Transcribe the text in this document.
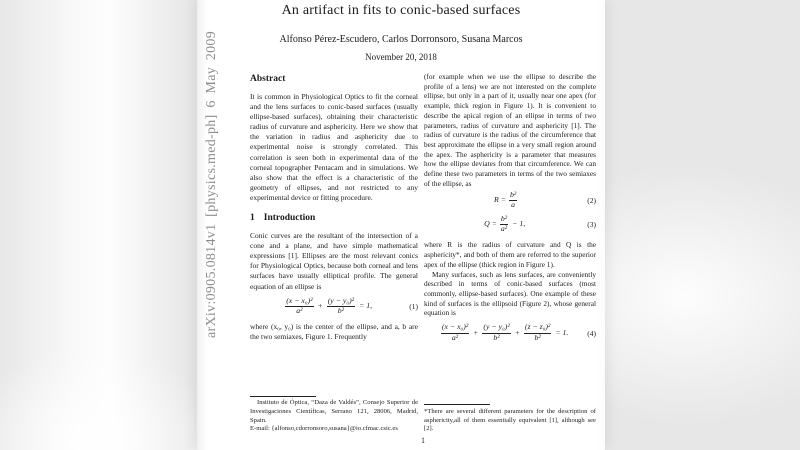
arXiv:0905.0814v1 [physics.med-ph] 6 May 2009
An artifact in fits to conic-based surfaces
Alfonso Pérez-Escudero, Carlos Dorronsoro, Susana Marcos
November 20, 2018
Abstract

It is common in Physiological Optics to fit the corneal and the lens surfaces to conic-based surfaces (usually ellipse-based surfaces), obtaining their characteristic radius of curvature and asphericity. Here we show that the variation in radius and asphericity due to experimental noise is strongly correlated. This correlation is seen both in experimental data of the corneal topographer Pentacam and in simulations. We also show that the effect is a characteristic of the geometry of ellipses, and not restricted to any experimental device or fitting procedure.

1 Introduction

Conic curves are the resultant of the intersection of a cone and a plane, and have simple mathematical expressions [1]. Ellipses are the most relevant conics for Physiological Optics, because both corneal and lens surfaces have usually elliptical profile. The general equation of an ellipse is

$\frac{\text{(x − x₀)²}}{\text{a²}} + \frac{\text{(y − y₀)²}}{\text{b²}} = 1$,	(1)

where (x₀, y₀) is the center of the ellipse, and a, b are the two semiaxes, Figure 1. Frequently

Instituto de Óptica, “Daza de Valdés”, Consejo Superior de Investigaciones Científicas, Serrano 121, 28006, Madrid, Spain.

E-mail: {alfonso,cdorronsoro,susana}@io.cfmac.csic.es

(for example when we use the ellipse to describe the profile of a lens) we are not interested on the complete ellipse, but only in a part of it, usually near one apex (for example, thick region in Figure 1). It is convenient to describe the apical region of an ellipse in terms of two parameters, radius of curvature and asphericity [1]. The radius of curvature is the radius of the circumference that best approximate the ellipse in a very small region around the apex. The asphericity is a parameter that measures how the ellipse deviates from that circumference. We can define these two parameters in terms of the two semiaxes of the ellipse, as

$R = \frac{\text{b²}}{a}$	(2)
$Q = \frac{\text{b²}}{\text{a²}} - 1$,	(3)

where R is the radius of curvature and Q is the asphericity*, and both of them are referred to the superior apex of the ellipse (thick region in Figure 1).

Many surfaces, such as lens surfaces, are conveniently described in terms of conic-based surfaces (most commonly, ellipse-based surfaces). One example of these kind of surfaces is the ellipsoid (Figure 2), whose general equation is

$\frac{\text{(x − x₀)²}}{\text{a²}} + \frac{\text{(y − y₀)²}}{\text{b²}} + \frac{\text{(z − z₀)²}}{\text{b²}} = 1$.	(4)

*There are several different parameters for the description of asphericity,all of them essentially equivalent [1], although see [2].

1
